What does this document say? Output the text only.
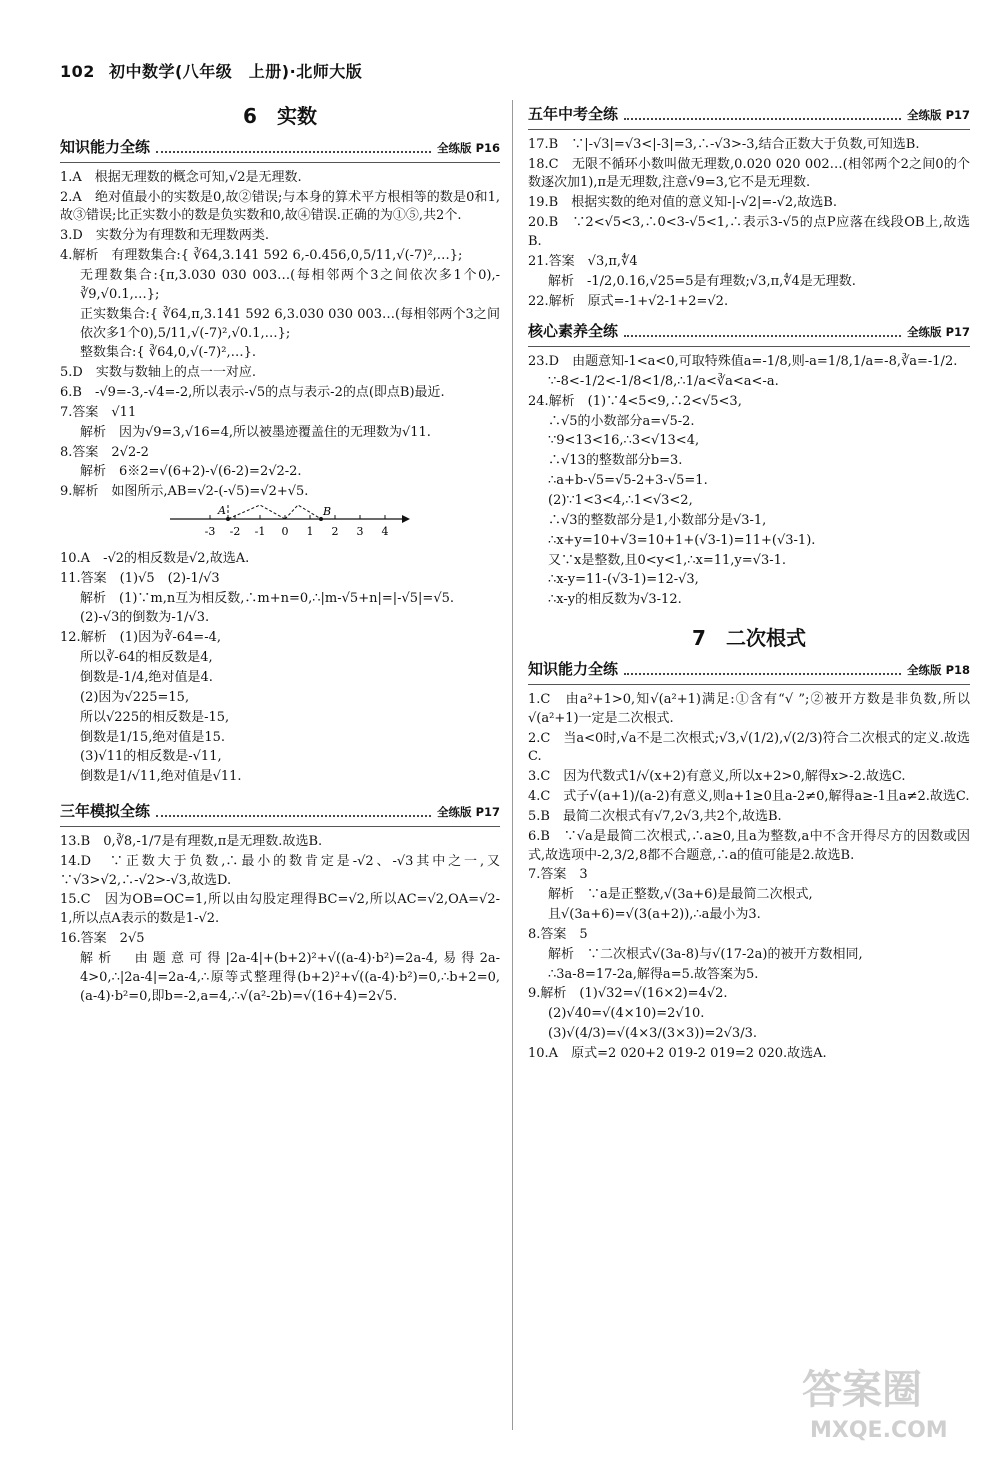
102 初中数学(八年级　上册)·北师大版
6　实数
知识能力全练	全练版 P16
1.A　根据无理数的概念可知,√2是无理数.
2.A　绝对值最小的实数是0,故②错误;与本身的算术平方根相等的数是0和1,故③错误;比正实数小的数是负实数和0,故④错误.正确的为①⑤,共2个.
3.D　实数分为有理数和无理数两类.
4.解析　有理数集合:{ ∛64,3.141 592 6,-0.456,0,5/11,√(-7)²,…};
无理数集合:{π,3.030 030 003…(每相邻两个3之间依次多1个0),-∛9,√0.1,…};
正实数集合:{ ∛64,π,3.141 592 6,3.030 030 003…(每相邻两个3之间依次多1个0),5/11,√(-7)²,√0.1,…};
整数集合:{ ∛64,0,√(-7)²,…}.
5.D　实数与数轴上的点一一对应.
6.B　-√9=-3,-√4=-2,所以表示-√5的点与表示-2的点(即点B)最近.
7.答案　√11
解析　因为√9=3,√16=4,所以被墨迹覆盖住的无理数为√11.
8.答案　2√2-2
解析　6※2=√(6+2)-√(6-2)=2√2-2.
9.解析　如图所示,AB=√2-(-√5)=√2+√5.
A	B
-3 -2 -1 0 1 2 3 4
10.A　-√2的相反数是√2,故选A.
11.答案　(1)√5　(2)-1/√3
解析　(1)∵m,n互为相反数,∴m+n=0,∴|m-√5+n|=|-√5|=√5.
(2)-√3的倒数为-1/√3.
12.解析　(1)因为∛-64=-4,
所以∛-64的相反数是4,
倒数是-1/4,绝对值是4.
(2)因为√225=15,
所以√225的相反数是-15,
倒数是1/15,绝对值是15.
(3)√11的相反数是-√11,
倒数是1/√11,绝对值是√11.
三年模拟全练	全练版 P17
13.B　0,∛8,-1/7是有理数,π是无理数.故选B.
14.D　∵正数大于负数,∴最小的数肯定是-√2、-√3其中之一,又∵√3>√2,∴-√2>-√3,故选D.
15.C　因为OB=OC=1,所以由勾股定理得BC=√2,所以AC=√2,OA=√2-1,所以点A表示的数是1-√2.
16.答案　2√5
解析　由题意可得|2a-4|+(b+2)²+√((a-4)·b²)=2a-4,易得2a-4>0,∴|2a-4|=2a-4,∴原等式整理得(b+2)²+√((a-4)·b²)=0,∴b+2=0,(a-4)·b²=0,即b=-2,a=4,∴√(a²-2b)=√(16+4)=2√5.
五年中考全练	全练版 P17
17.B　∵|-√3|=√3<|-3|=3,∴-√3>-3,结合正数大于负数,可知选B.
18.C　无限不循环小数叫做无理数,0.020 020 002…(相邻两个2之间0的个数逐次加1),π是无理数,注意√9=3,它不是无理数.
19.B　根据实数的绝对值的意义知-|-√2|=-√2,故选B.
20.B　∵2<√5<3,∴0<3-√5<1,∴表示3-√5的点P应落在线段OB上,故选B.
21.答案　√3,π,∜4
解析　-1/2,0.16,√25=5是有理数;√3,π,∜4是无理数.
22.解析　原式=-1+√2-1+2=√2.
核心素养全练	全练版 P17
23.D　由题意知-1<a<0,可取特殊值a=-1/8,则-a=1/8,1/a=-8,∛a=-1/2.
∵-8<-1/2<-1/8<1/8,∴1/a<∛a<a<-a.
24.解析　(1)∵4<5<9,∴2<√5<3,
∴√5的小数部分a=√5-2.
∵9<13<16,∴3<√13<4,
∴√13的整数部分b=3.
∴a+b-√5=√5-2+3-√5=1.
(2)∵1<3<4,∴1<√3<2,
∴√3的整数部分是1,小数部分是√3-1,
∴x+y=10+√3=10+1+(√3-1)=11+(√3-1).
又∵x是整数,且0<y<1,∴x=11,y=√3-1.
∴x-y=11-(√3-1)=12-√3,
∴x-y的相反数为√3-12.
7　二次根式
知识能力全练	全练版 P18
1.C　由a²+1>0,知√(a²+1)满足:①含有“√ ”;②被开方数是非负数,所以√(a²+1)一定是二次根式.
2.C　当a<0时,√a不是二次根式;√3,√(1/2),√(2/3)符合二次根式的定义.故选C.
3.C　因为代数式1/√(x+2)有意义,所以x+2>0,解得x>-2.故选C.
4.C　式子√(a+1)/(a-2)有意义,则a+1≥0且a-2≠0,解得a≥-1且a≠2.故选C.
5.B　最简二次根式有√7,2√3,共2个,故选B.
6.B　∵√a是最简二次根式,∴a≥0,且a为整数,a中不含开得尽方的因数或因式,故选项中-2,3/2,8都不合题意,∴a的值可能是2.故选B.
7.答案　3
解析　∵a是正整数,√(3a+6)是最简二次根式,
且√(3a+6)=√(3(a+2)),∴a最小为3.
8.答案　5
解析　∵二次根式√(3a-8)与√(17-2a)的被开方数相同,
∴3a-8=17-2a,解得a=5.故答案为5.
9.解析　(1)√32=√(16×2)=4√2.
(2)√40=√(4×10)=2√10.
(3)√(4/3)=√(4×3/(3×3))=2√3/3.
10.A　原式=2 020+2 019-2 019=2 020.故选A.
答案圈
MXQE.COM
